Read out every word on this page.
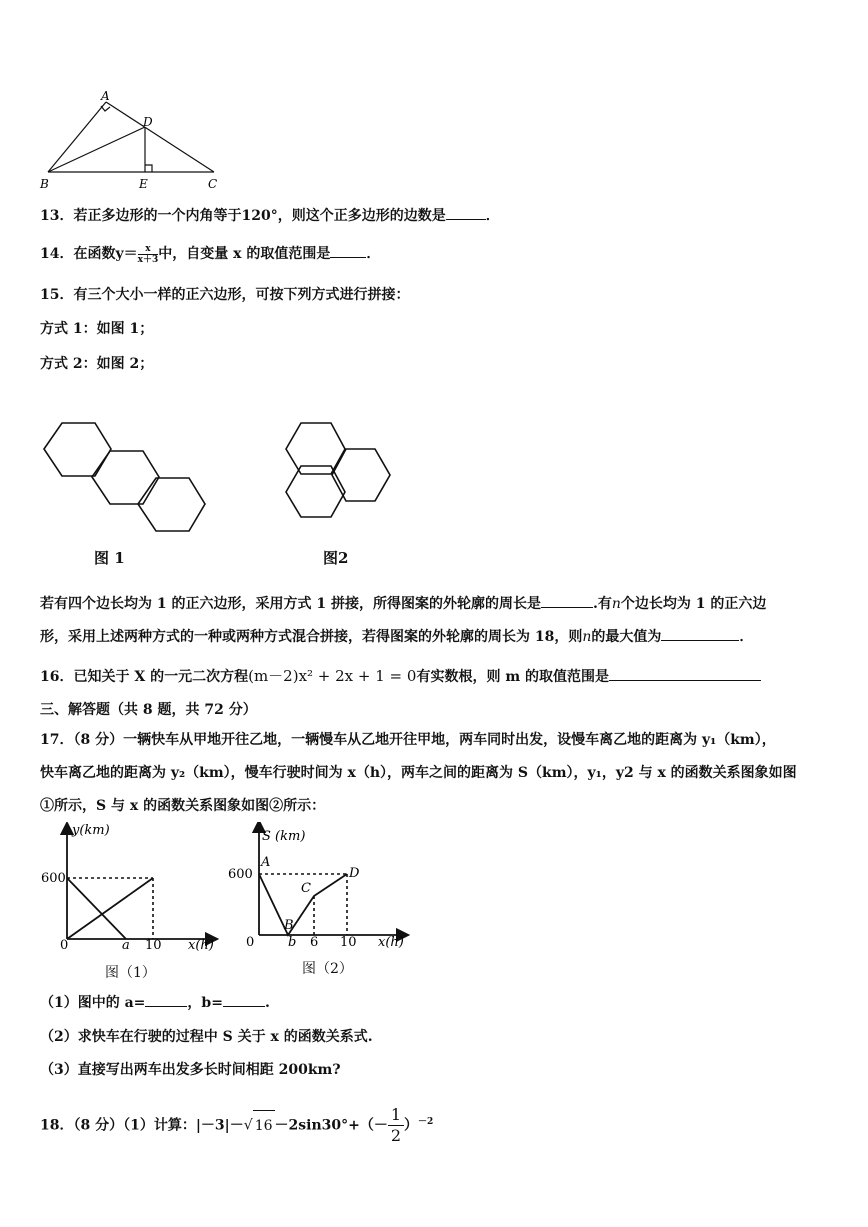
A
D
B	E	C
13．若正多边形的一个内角等于120°，则这个正多边形的边数是	．
14．在函数$y= \frac{x}{x+3}$ 中，自变量 x 的取值范围是	．
15．有三个大小一样的正六边形，可按下列方式进行拼接：
方式 1：如图 1；
方式 2：如图 2；
图 1	图2
若有四个边长均为 1 的正六边形，采用方式 1 拼接，所得图案的外轮廓的周长是	.有n个边长均为 1 的正六边
形，采用上述两种方式的一种或两种方式混合拼接，若得图案的外轮廓的周长为 18，则n的最大值为	．
16．已知关于 X 的一元二次方程(m－2)x² + 2x + 1 = 0有实数根，则 m 的取值范围是
三、解答题（共 8 题，共 72 分）
17．（8 分）一辆快车从甲地开往乙地，一辆慢车从乙地开往甲地，两车同时出发，设慢车离乙地的距离为 y₁（km），
快车离乙地的距离为 y₂（km），慢车行驶时间为 x（h），两车之间的距离为 S（km），y₁，y2 与 x 的函数关系图象如图
①所示，S 与 x 的函数关系图象如图②所示：
y(km)
600
0	a 10 x(h)
图（1）
S (km)
A
600	D
C
B
0	b 6 10 x(h)
图（2）
（1）图中的 a=	，b=	.
（2）求快车在行驶的过程中 S 关于 x 的函数关系式.
（3）直接写出两车出发多长时间相距 200km?
18．（8 分）（1）计算：|－3|－√ $16 -2\sin 30^\circ+(- \frac{1}{2} )^{-2}$
